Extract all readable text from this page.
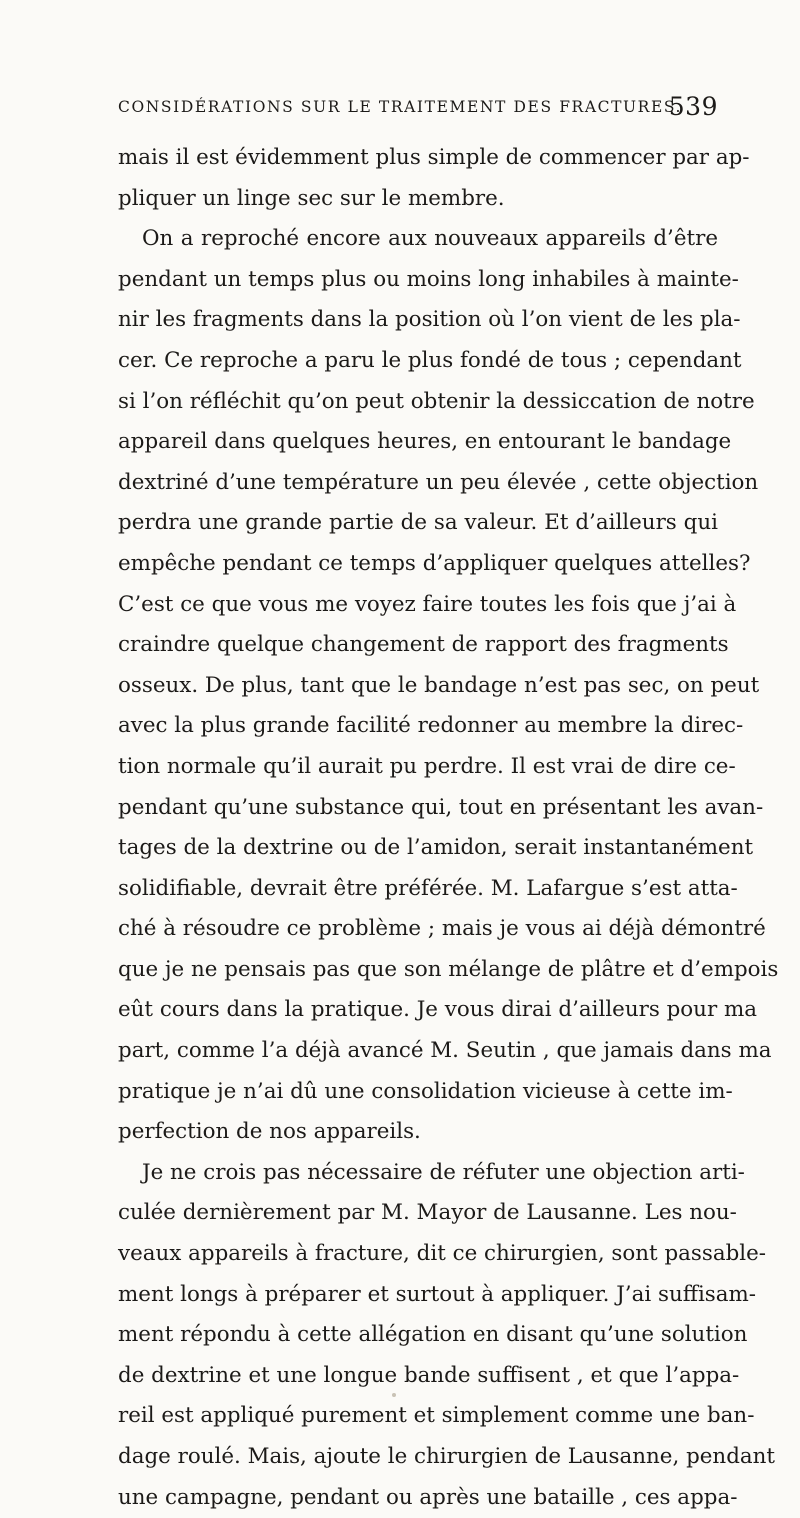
CONSIDÉRATIONS SUR LE TRAITEMENT DES FRACTURES.
539
mais il est évidemment plus simple de commencer par ap-
pliquer un linge sec sur le membre.
On a reproché encore aux nouveaux appareils d’être
pendant un temps plus ou moins long inhabiles à mainte-
nir les fragments dans la position où l’on vient de les pla-
cer. Ce reproche a paru le plus fondé de tous ; cependant
si l’on réfléchit qu’on peut obtenir la dessiccation de notre
appareil dans quelques heures, en entourant le bandage
dextriné d’une température un peu élevée , cette objection
perdra une grande partie de sa valeur. Et d’ailleurs qui
empêche pendant ce temps d’appliquer quelques attelles?
C’est ce que vous me voyez faire toutes les fois que j’ai à
craindre quelque changement de rapport des fragments
osseux. De plus, tant que le bandage n’est pas sec, on peut
avec la plus grande facilité redonner au membre la direc-
tion normale qu’il aurait pu perdre. Il est vrai de dire ce-
pendant qu’une substance qui, tout en présentant les avan-
tages de la dextrine ou de l’amidon, serait instantanément
solidifiable, devrait être préférée. M. Lafargue s’est atta-
ché à résoudre ce problème ; mais je vous ai déjà démontré
que je ne pensais pas que son mélange de plâtre et d’empois
eût cours dans la pratique. Je vous dirai d’ailleurs pour ma
part, comme l’a déjà avancé M. Seutin , que jamais dans ma
pratique je n’ai dû une consolidation vicieuse à cette im-
perfection de nos appareils.
Je ne crois pas nécessaire de réfuter une objection arti-
culée dernièrement par M. Mayor de Lausanne. Les nou-
veaux appareils à fracture, dit ce chirurgien, sont passable-
ment longs à préparer et surtout à appliquer. J’ai suffisam-
ment répondu à cette allégation en disant qu’une solution
de dextrine et une longue bande suffisent , et que l’appa-
reil est appliqué purement et simplement comme une ban-
dage roulé. Mais, ajoute le chirurgien de Lausanne, pendant
une campagne, pendant ou après une bataille , ces appa-
